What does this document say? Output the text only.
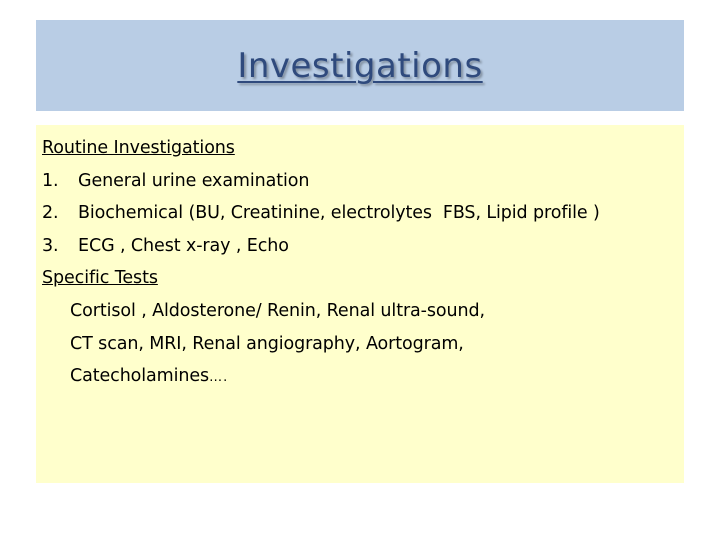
Investigations
Routine Investigations
1. General urine examination
2. Biochemical (BU, Creatinine, electrolytes  FBS, Lipid profile )
3. ECG , Chest x-ray , Echo
Specific Tests
Cortisol , Aldosterone/ Renin, Renal ultra-sound,
CT scan, MRI, Renal angiography, Aortogram,
Catecholamines….
